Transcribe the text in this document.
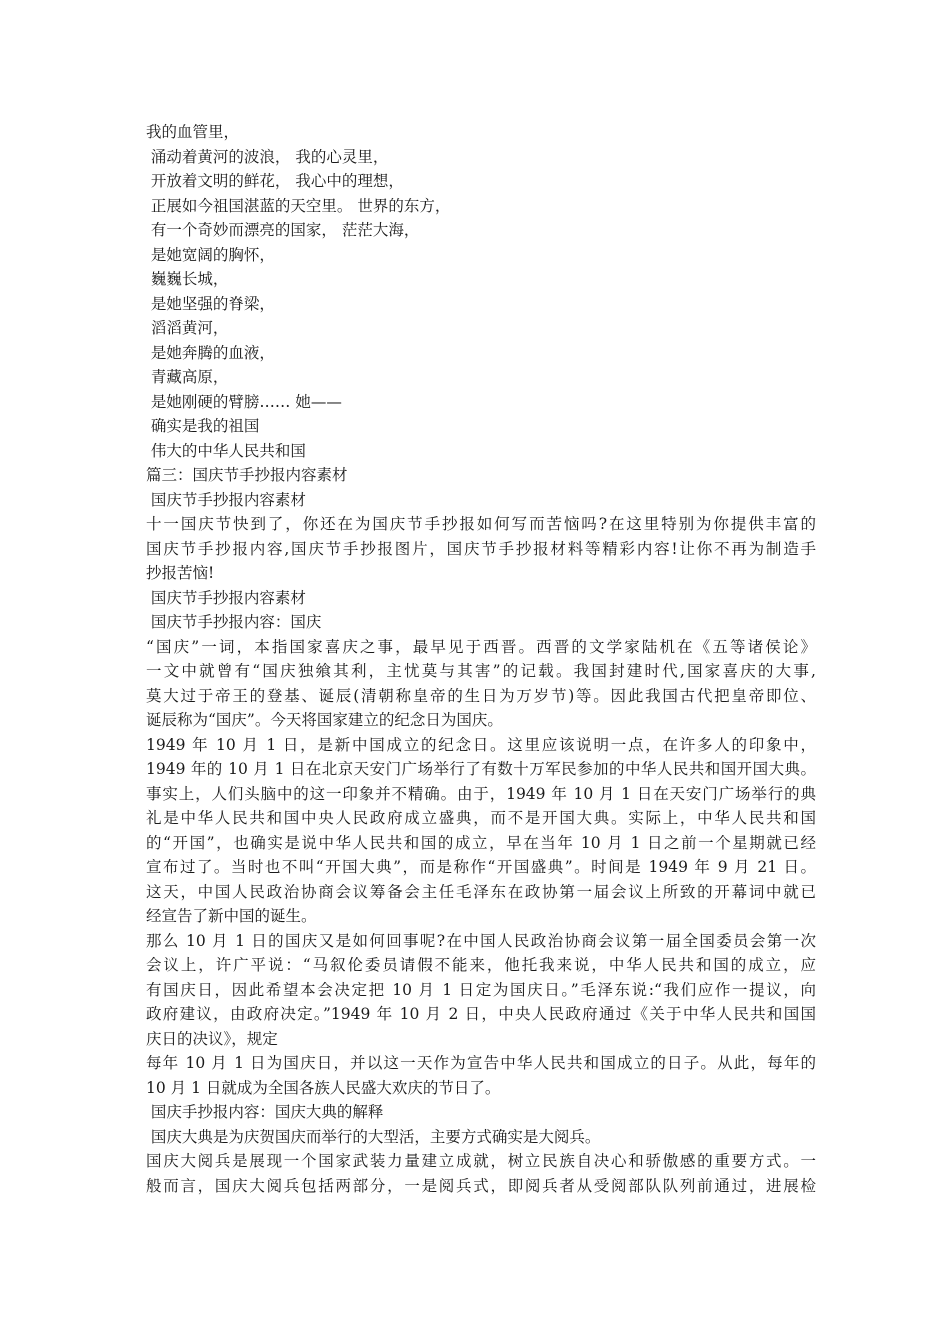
我的血管里，
涌动着黄河的波浪， 我的心灵里，
开放着文明的鲜花， 我心中的理想，
正展如今祖国湛蓝的天空里。 世界的东方，
有一个奇妙而漂亮的国家， 茫茫大海，
是她宽阔的胸怀，
巍巍长城，
是她坚强的脊梁，
滔滔黄河，
是她奔腾的血液，
青藏高原，
是她刚硬的臂膀…… 她——
确实是我的祖国
伟大的中华人民共和国
篇三：国庆节手抄报内容素材
国庆节手抄报内容素材
十一国庆节快到了，你还在为国庆节手抄报如何写而苦恼吗?在这里特别为你提供丰富的
国庆节手抄报内容,国庆节手抄报图片，国庆节手抄报材料等精彩内容!让你不再为制造手
抄报苦恼!
国庆节手抄报内容素材
国庆节手抄报内容：国庆
“国庆”一词，本指国家喜庆之事，最早见于西晋。西晋的文学家陆机在《五等诸侯论》
一文中就曾有“国庆独飨其利，主忧莫与其害”的记载。我国封建时代,国家喜庆的大事,
莫大过于帝王的登基、诞辰(清朝称皇帝的生日为万岁节)等。因此我国古代把皇帝即位、
诞辰称为“国庆”。今天将国家建立的纪念日为国庆。
1949 年 10 月 1 日，是新中国成立的纪念日。这里应该说明一点，在许多人的印象中，
1949 年的 10 月 1 日在北京天安门广场举行了有数十万军民参加的中华人民共和国开国大典。
事实上，人们头脑中的这一印象并不精确。由于，1949 年 10 月 1 日在天安门广场举行的典
礼是中华人民共和国中央人民政府成立盛典，而不是开国大典。实际上，中华人民共和国
的“开国”，也确实是说中华人民共和国的成立，早在当年 10 月 1 日之前一个星期就已经
宣布过了。当时也不叫“开国大典”，而是称作“开国盛典”。时间是 1949 年 9 月 21 日。
这天，中国人民政治协商会议筹备会主任毛泽东在政协第一届会议上所致的开幕词中就已
经宣告了新中国的诞生。
那么 10 月 1 日的国庆又是如何回事呢?在中国人民政治协商会议第一届全国委员会第一次
会议上，许广平说：“马叙伦委员请假不能来，他托我来说，中华人民共和国的成立，应
有国庆日，因此希望本会决定把 10 月 1 日定为国庆日。”毛泽东说:“我们应作一提议，向
政府建议，由政府决定。”1949 年 10 月 2 日，中央人民政府通过《关于中华人民共和国国
庆日的决议》，规定
每年 10 月 1 日为国庆日，并以这一天作为宣告中华人民共和国成立的日子。从此，每年的
10 月 1 日就成为全国各族人民盛大欢庆的节日了。
国庆手抄报内容：国庆大典的解释
国庆大典是为庆贺国庆而举行的大型活，主要方式确实是大阅兵。
国庆大阅兵是展现一个国家武装力量建立成就，树立民族自决心和骄傲感的重要方式。一
般而言，国庆大阅兵包括两部分，一是阅兵式，即阅兵者从受阅部队队列前通过，进展检
